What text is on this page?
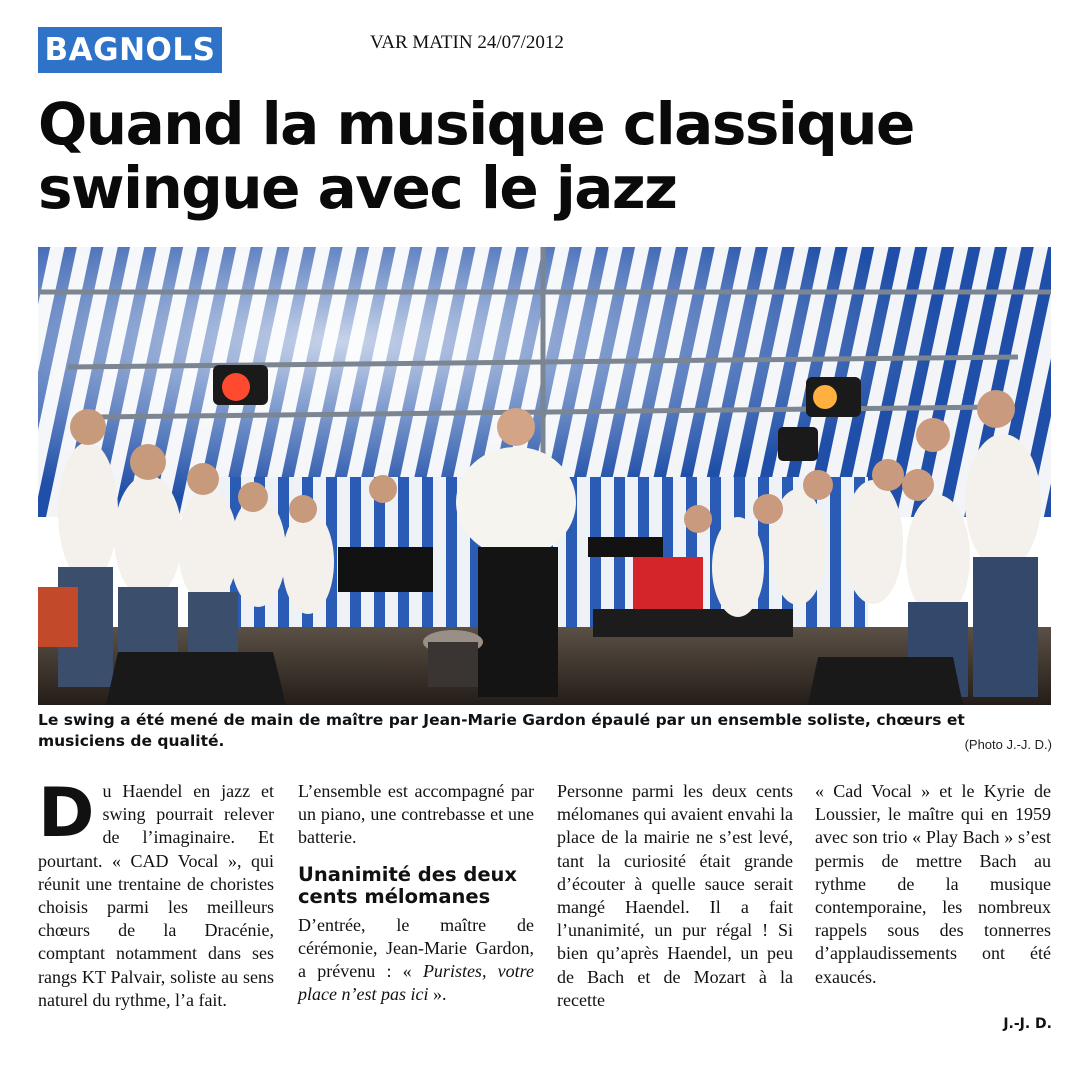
BAGNOLS	VAR MATIN 24/07/2012
Quand la musique classique
swingue avec le jazz

Le swing a été mené de main de maître par Jean-Marie Gardon épaulé par un ensemble soliste, chœurs et musiciens de qualité.	(Photo J.-J. D.)

Du Haendel en jazz et swing pourrait relever de l’imaginaire. Et pourtant. « CAD Vocal », qui réunit une trentaine de choristes choisis parmi les meilleurs chœurs de la Dracénie, comptant notamment dans ses rangs KT Palvair, soliste au sens naturel du rythme, l’a fait.

L’ensemble est accompagné par un piano, une contrebasse et une batterie.

Unanimité des deux cents mélomanes

D’entrée, le maître de cérémonie, Jean-Marie Gardon, a prévenu : « Puristes, votre place n’est pas ici ».

Personne parmi les deux cents mélomanes qui avaient envahi la place de la mairie ne s’est levé, tant la curiosité était grande d’écouter à quelle sauce serait mangé Haendel. Il a fait l’unanimité, un pur régal ! Si bien qu’après Haendel, un peu de Bach et de Mozart à la recette

« Cad Vocal » et le Kyrie de Loussier, le maître qui en 1959 avec son trio « Play Bach » s’est permis de mettre Bach au rythme de la musique contemporaine, les nombreux rappels sous des tonnerres d’applaudissements ont été exaucés.

J.-J. D.
